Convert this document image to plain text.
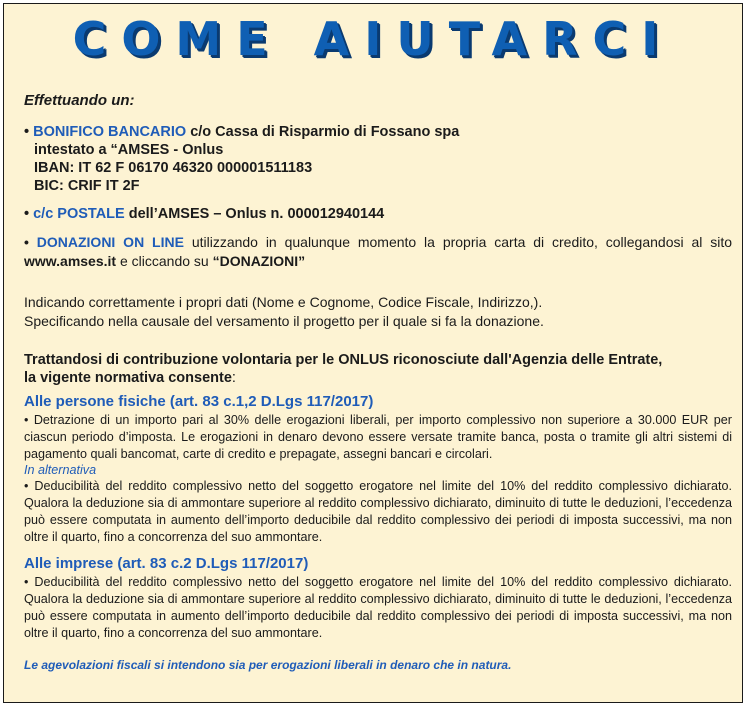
COME AIUTARCI
Effettuando un:
• BONIFICO BANCARIO c/o Cassa di Risparmio di Fossano spa
intestato a “AMSES - Onlus
IBAN: IT 62 F 06170 46320 000001511183
BIC: CRIF IT 2F
• c/c POSTALE dell’AMSES – Onlus n. 000012940144
• DONAZIONI ON LINE utilizzando in qualunque momento la propria carta di credito, collegandosi al sito www.amses.it e cliccando su “DONAZIONI”
Indicando correttamente i propri dati (Nome e Cognome, Codice Fiscale, Indirizzo,).
Specificando nella causale del versamento il progetto per il quale si fa la donazione.
Trattandosi di contribuzione volontaria per le ONLUS riconosciute dall'Agenzia delle Entrate,
la vigente normativa consente:
Alle persone fisiche (art. 83 c.1,2 D.Lgs 117/2017)
• Detrazione di un importo pari al 30% delle erogazioni liberali, per importo complessivo non superiore a 30.000 EUR per ciascun periodo d’imposta. Le erogazioni in denaro devono essere versate tramite banca, posta o tramite gli altri sistemi di pagamento quali bancomat, carte di credito e prepagate, assegni bancari e circolari.
In alternativa
• Deducibilità del reddito complessivo netto del soggetto erogatore nel limite del 10% del reddito complessivo dichiarato. Qualora la deduzione sia di ammontare superiore al reddito complessivo dichiarato, diminuito di tutte le deduzioni, l’eccedenza può essere computata in aumento dell’importo deducibile dal reddito complessivo dei periodi di imposta successivi, ma non oltre il quarto, fino a concorrenza del suo ammontare.
Alle imprese (art. 83 c.2 D.Lgs 117/2017)
• Deducibilità del reddito complessivo netto del soggetto erogatore nel limite del 10% del reddito complessivo dichiarato. Qualora la deduzione sia di ammontare superiore al reddito complessivo dichiarato, diminuito di tutte le deduzioni, l’eccedenza può essere computata in aumento dell’importo deducibile dal reddito complessivo dei periodi di imposta successivi, ma non oltre il quarto, fino a concorrenza del suo ammontare.
Le agevolazioni fiscali si intendono sia per erogazioni liberali in denaro che in natura.
